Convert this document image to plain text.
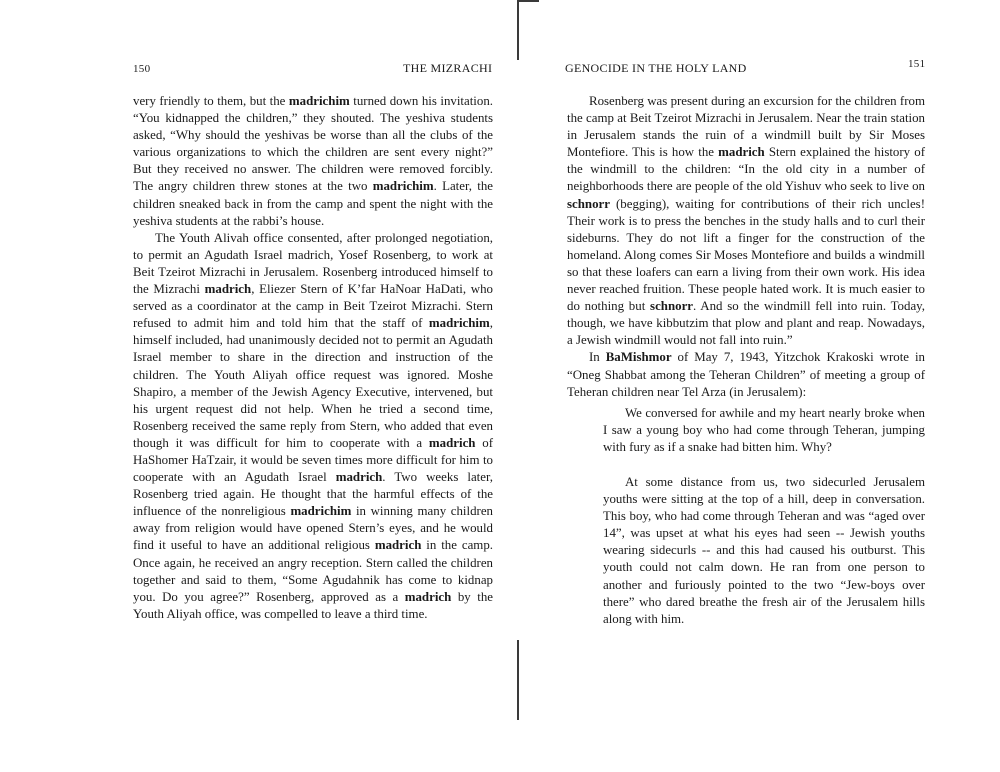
150	THE MIZRACHI

very friendly to them, but the madrichim turned down his invitation. “You kidnapped the children,” they shouted. The yeshiva students asked, “Why should the yeshivas be worse than all the clubs of the various organizations to which the children are sent every night?” But they received no answer. The children were removed forcibly. The angry children threw stones at the two madrichim. Later, the children sneaked back in from the camp and spent the night with the yeshiva students at the rabbi’s house.

The Youth Alivah office consented, after prolonged negotiation, to permit an Agudath Israel madrich, Yosef Rosenberg, to work at Beit Tzeirot Mizrachi in Jerusalem. Rosenberg introduced himself to the Mizrachi madrich, Eliezer Stern of K’far HaNoar HaDati, who served as a coordinator at the camp in Beit Tzeirot Mizrachi. Stern refused to admit him and told him that the staff of madrichim, himself included, had unanimously decided not to permit an Agudath Israel member to share in the direction and instruction of the children. The Youth Aliyah office request was ignored. Moshe Shapiro, a member of the Jewish Agency Executive, intervened, but his urgent request did not help. When he tried a second time, Rosenberg received the same reply from Stern, who added that even though it was difficult for him to cooperate with a madrich of HaShomer HaTzair, it would be seven times more difficult for him to cooperate with an Agudath Israel madrich. Two weeks later, Rosenberg tried again. He thought that the harmful effects of the influence of the nonreligious madrichim in winning many children away from religion would have opened Stern’s eyes, and he would find it useful to have an additional religious madrich in the camp. Once again, he received an angry reception. Stern called the children together and said to them, “Some Agudahnik has come to kidnap you. Do you agree?” Rosenberg, approved as a madrich by the Youth Aliyah office, was compelled to leave a third time.

GENOCIDE IN THE HOLY LAND	151

Rosenberg was present during an excursion for the children from the camp at Beit Tzeirot Mizrachi in Jerusalem. Near the train station in Jerusalem stands the ruin of a windmill built by Sir Moses Montefiore. This is how the madrich Stern explained the history of the windmill to the children: “In the old city in a number of neighborhoods there are people of the old Yishuv who seek to live on schnorr (begging), waiting for contributions of their rich uncles! Their work is to press the benches in the study halls and to curl their sideburns. They do not lift a finger for the construction of the homeland. Along comes Sir Moses Montefiore and builds a windmill so that these loafers can earn a living from their own work. His idea never reached fruition. These people hated work. It is much easier to do nothing but schnorr. And so the windmill fell into ruin. Today, though, we have kibbutzim that plow and plant and reap. Nowadays, a Jewish windmill would not fall into ruin.”

In BaMishmor of May 7, 1943, Yitzchok Krakoski wrote in “Oneg Shabbat among the Teheran Children” of meeting a group of Teheran children near Tel Arza (in Jerusalem):

We conversed for awhile and my heart nearly broke when I saw a young boy who had come through Teheran, jumping with fury as if a snake had bitten him. Why?

At some distance from us, two sidecurled Jerusalem youths were sitting at the top of a hill, deep in conversation. This boy, who had come through Teheran and was “aged over 14”, was upset at what his eyes had seen -- Jewish youths wearing sidecurls -- and this had caused his outburst. This youth could not calm down. He ran from one person to another and furiously pointed to the two “Jew-boys over there” who dared breathe the fresh air of the Jerusalem hills along with him.
